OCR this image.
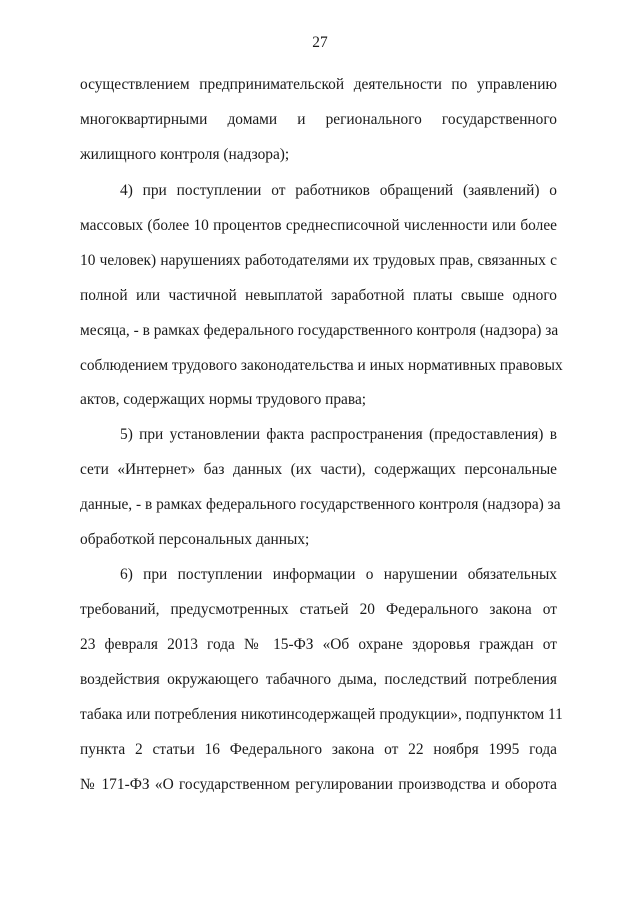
27
осуществлением предпринимательской деятельности по управлению
многоквартирными домами и регионального государственного
жилищного контроля (надзора);
4) при поступлении от работников обращений (заявлений) о
массовых (более 10 процентов среднесписочной численности или более
10 человек) нарушениях работодателями их трудовых прав, связанных с
полной или частичной невыплатой заработной платы свыше одного
месяца, - в рамках федерального государственного контроля (надзора) за
соблюдением трудового законодательства и иных нормативных правовых
актов, содержащих нормы трудового права;
5) при установлении факта распространения (предоставления) в
сети «Интернет» баз данных (их части), содержащих персональные
данные, - в рамках федерального государственного контроля (надзора) за
обработкой персональных данных;
6) при поступлении информации о нарушении обязательных
требований, предусмотренных статьей 20 Федерального закона от
23 февраля 2013 года № 15-ФЗ «Об охране здоровья граждан от
воздействия окружающего табачного дыма, последствий потребления
табака или потребления никотинсодержащей продукции», подпунктом 11
пункта 2 статьи 16 Федерального закона от 22 ноября 1995 года
№ 171-ФЗ «О государственном регулировании производства и оборота
